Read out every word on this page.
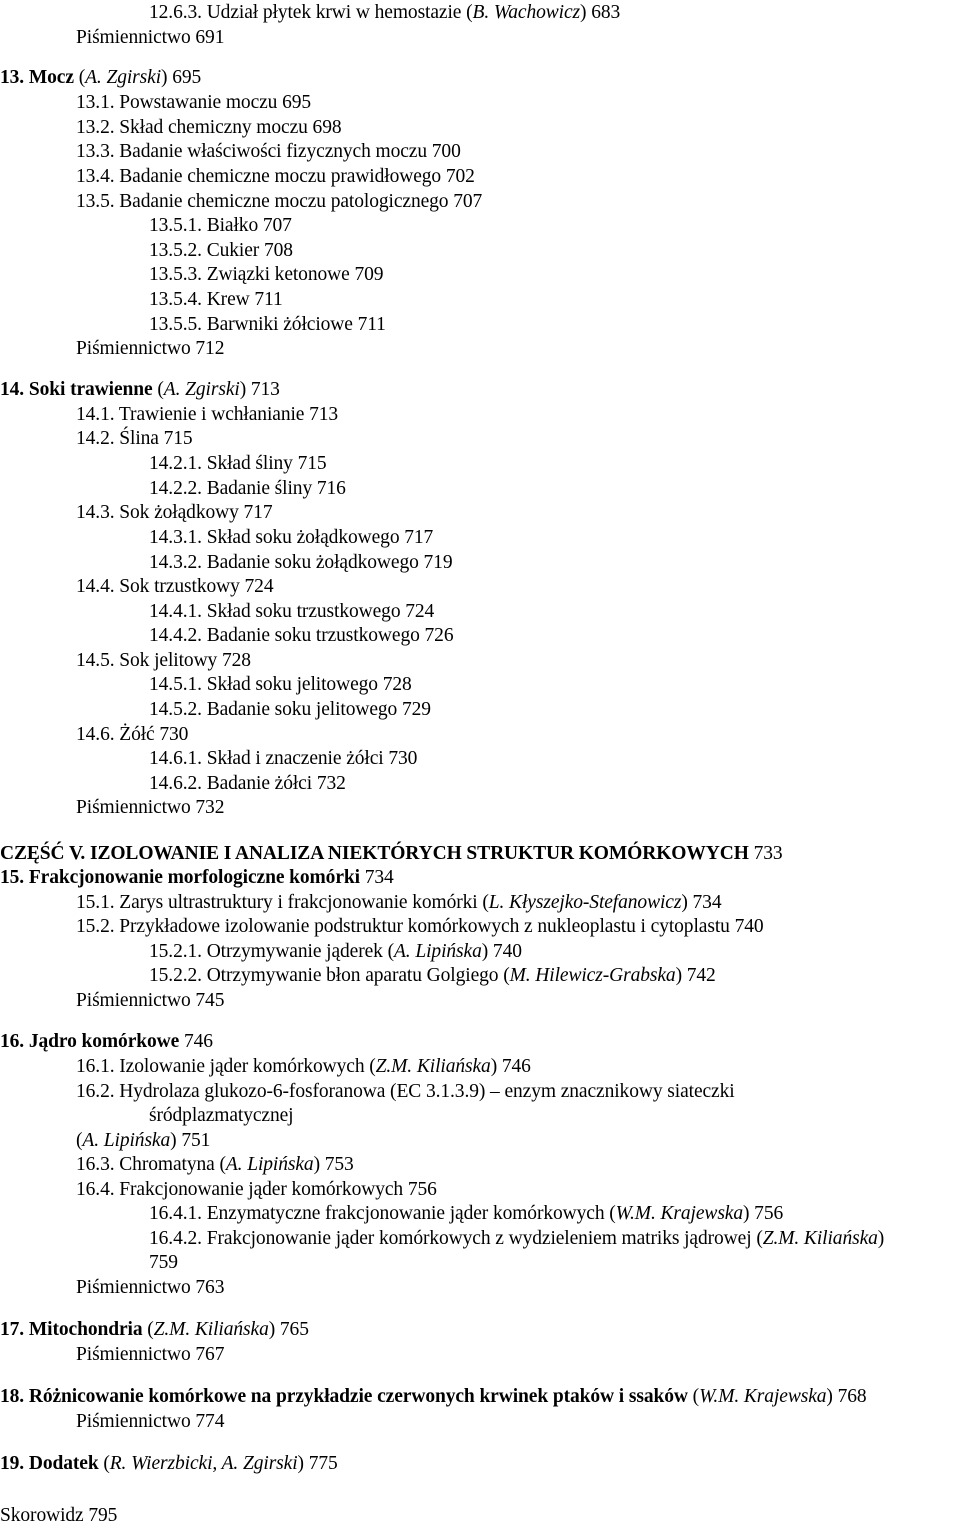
12.6.3. Udział płytek krwi w hemostazie (B. Wachowicz) 683
Piśmiennictwo 691
13. Mocz (A. Zgirski) 695
13.1. Powstawanie moczu 695
13.2. Skład chemiczny moczu 698
13.3. Badanie właściwości fizycznych moczu 700
13.4. Badanie chemiczne moczu prawidłowego 702
13.5. Badanie chemiczne moczu patologicznego 707
13.5.1. Białko 707
13.5.2. Cukier 708
13.5.3. Związki ketonowe 709
13.5.4. Krew 711
13.5.5. Barwniki żółciowe 711
Piśmiennictwo 712
14. Soki trawienne (A. Zgirski) 713
14.1. Trawienie i wchłanianie 713
14.2. Ślina 715
14.2.1. Skład śliny 715
14.2.2. Badanie śliny 716
14.3. Sok żołądkowy 717
14.3.1. Skład soku żołądkowego 717
14.3.2. Badanie soku żołądkowego 719
14.4. Sok trzustkowy 724
14.4.1. Skład soku trzustkowego 724
14.4.2. Badanie soku trzustkowego 726
14.5. Sok jelitowy 728
14.5.1. Skład soku jelitowego 728
14.5.2. Badanie soku jelitowego 729
14.6. Żółć 730
14.6.1. Skład i znaczenie żółci 730
14.6.2. Badanie żółci 732
Piśmiennictwo 732
CZĘŚĆ V. IZOLOWANIE I ANALIZA NIEKTÓRYCH STRUKTUR KOMÓRKOWYCH 733
15. Frakcjonowanie morfologiczne komórki 734
15.1. Zarys ultrastruktury i frakcjonowanie komórki (L. Kłyszejko-Stefanowicz) 734
15.2. Przykładowe izolowanie podstruktur komórkowych z nukleoplastu i cytoplastu 740
15.2.1. Otrzymywanie jąderek (A. Lipińska) 740
15.2.2. Otrzymywanie błon aparatu Golgiego (M. Hilewicz-Grabska) 742
Piśmiennictwo 745
16. Jądro komórkowe 746
16.1. Izolowanie jąder komórkowych (Z.M. Kiliańska) 746
16.2. Hydrolaza glukozo-6-fosforanowa (EC 3.1.3.9) – enzym znacznikowy siateczki
śródplazmatycznej
(A. Lipińska) 751
16.3. Chromatyna (A. Lipińska) 753
16.4. Frakcjonowanie jąder komórkowych 756
16.4.1. Enzymatyczne frakcjonowanie jąder komórkowych (W.M. Krajewska) 756
16.4.2. Frakcjonowanie jąder komórkowych z wydzieleniem matriks jądrowej (Z.M. Kiliańska)
759
Piśmiennictwo 763
17. Mitochondria (Z.M. Kiliańska) 765
Piśmiennictwo 767
18. Różnicowanie komórkowe na przykładzie czerwonych krwinek ptaków i ssaków (W.M. Krajewska) 768
Piśmiennictwo 774
19. Dodatek (R. Wierzbicki, A. Zgirski) 775
Skorowidz 795
